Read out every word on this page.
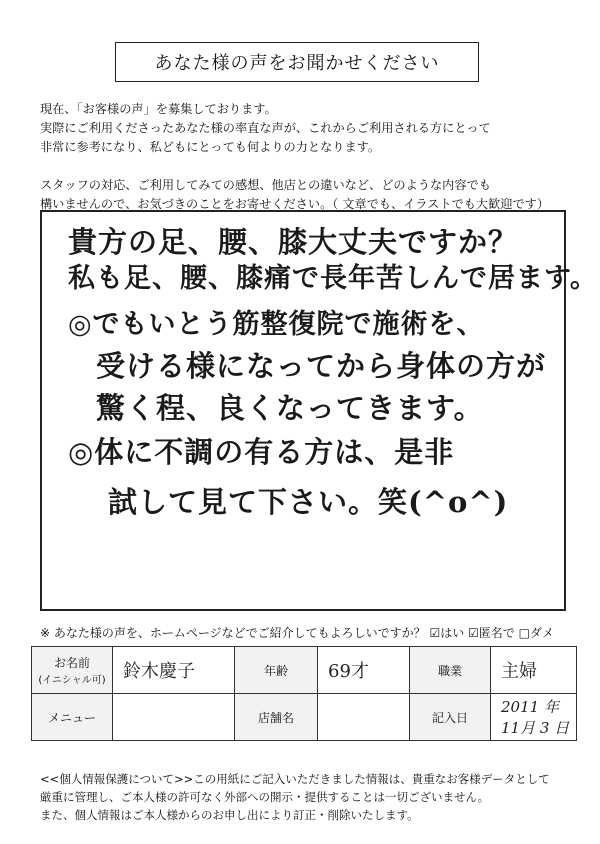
あなた様の声をお聞かせください

現在、「お客様の声」を募集しております。

実際にご利用くださったあなた様の率直な声が、これからご利用される方にとって

非常に参考になり、私どもにとっても何よりの力となります。

スタッフの対応、ご利用してみての感想、他店との違いなど、どのような内容でも

構いませんので、お気づきのことをお寄せください。（ 文章でも、イラストでも大歓迎です）

貴方の足、腰、膝大丈夫ですか？
私も足、腰、膝痛で長年苦しんで居ます。
◎でもいとう筋整復院で施術を、
受ける様になってから身体の方が
驚く程、良くなってきます。
◎体に不調の有る方は、是非
試して見て下さい。笑(^o^)
※ あなた様の声を、ホームページなどでご紹介してもよろしいですか？ ☑はい ☑匿名で □ダメ
お名前
(イニシャル可)	鈴木慶子	年齢	69才	職業	主婦
メニュー		店舗名		記入日	2011 年 11月 3 日

<<個人情報保護について>>この用紙にご記入いただきました情報は、貴重なお客様データとして

厳重に管理し、ご本人様の許可なく外部への開示・提供することは一切ございません。

また、個人情報はご本人様からのお申し出により訂正・削除いたします。
